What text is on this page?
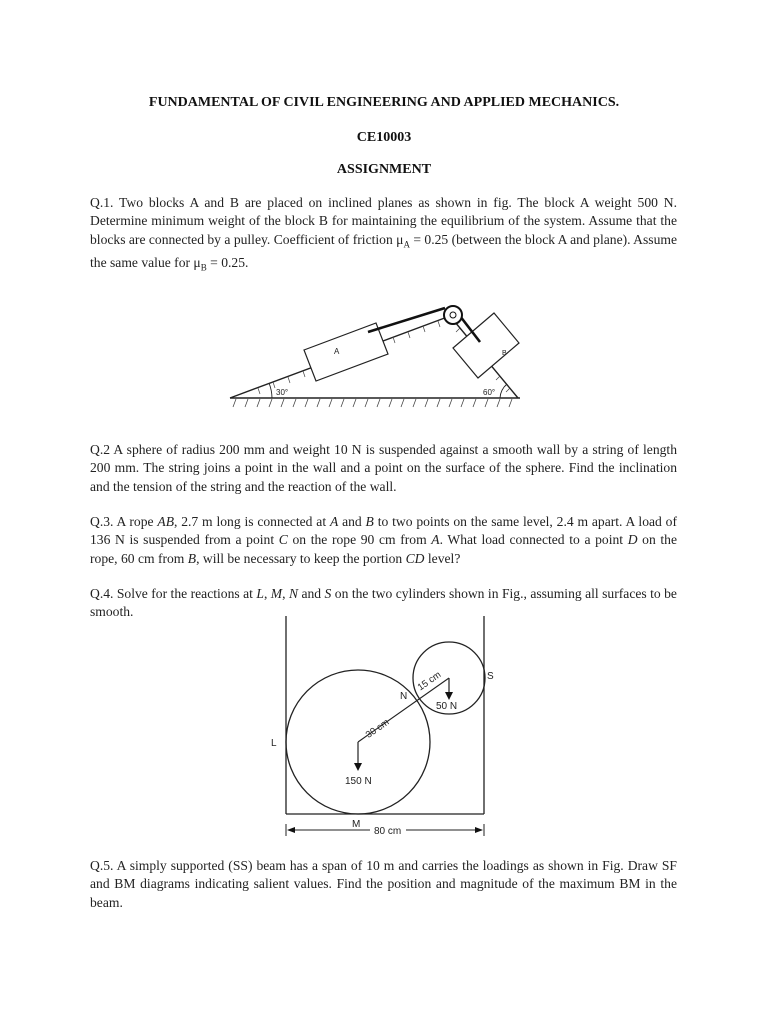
FUNDAMENTAL OF CIVIL ENGINEERING AND APPLIED MECHANICS.
CE10003
ASSIGNMENT
Q.1. Two blocks A and B are placed on inclined planes as shown in fig. The block A weight 500 N. Determine minimum weight of the block B for maintaining the equilibrium of the system. Assume that the blocks are connected by a pulley. Coefficient of friction $\mu_A = 0.25$ (between the block A and plane). Assume the same value for $\mu_B = 0.25$.
A	B
30°	60°
Q.2 A sphere of radius 200 mm and weight 10 N is suspended against a smooth wall by a string of length 200 mm. The string joins a point in the wall and a point on the surface of the sphere. Find the inclination and the tension of the string and the reaction of the wall.
Q.3. A rope AB, 2.7 m long is connected at A and B to two points on the same level, 2.4 m apart. A load of 136 N is suspended from a point C on the rope 90 cm from A. What load connected to a point D on the rope, 60 cm from B, will be necessary to keep the portion CD level?
Q.4. Solve for the reactions at L, M, N and S on the two cylinders shown in Fig., assuming all surfaces to be smooth.
30 cm
15 cm
N
S
L
M
150 N
50 N
80 cm
Q.5. A simply supported (SS) beam has a span of 10 m and carries the loadings as shown in Fig. Draw SF and BM diagrams indicating salient values. Find the position and magnitude of the maximum BM in the beam.
